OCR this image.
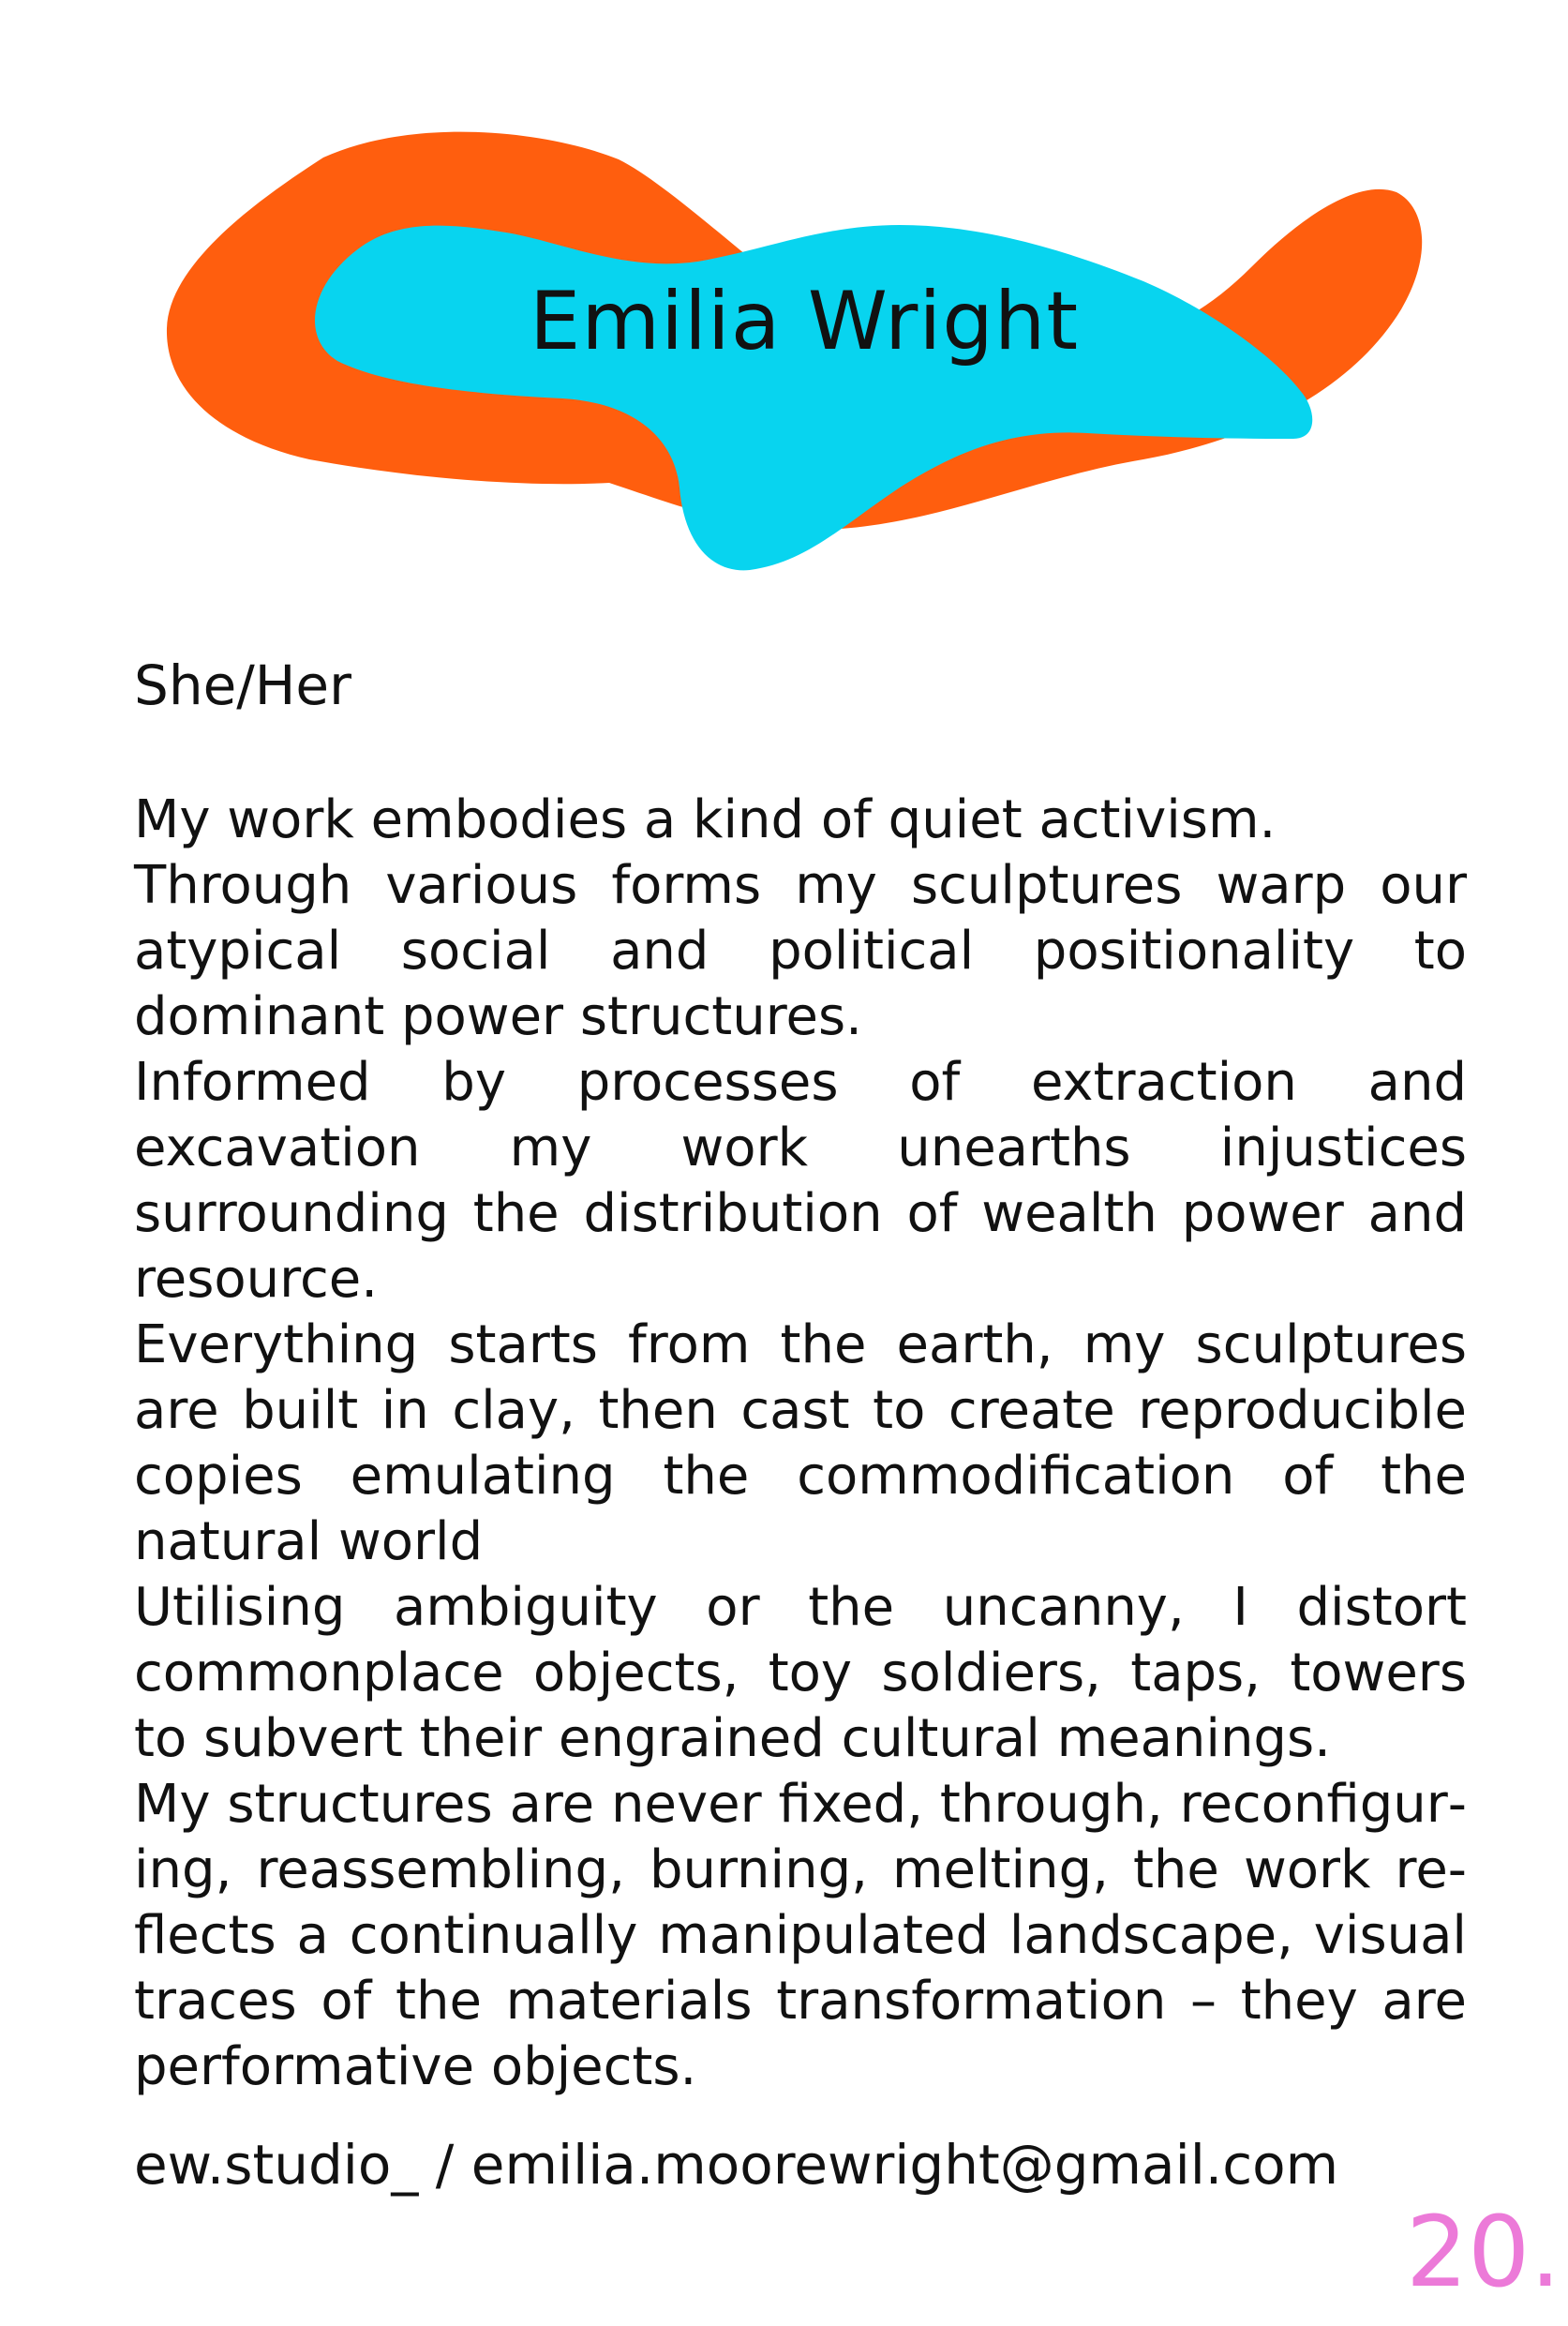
Emilia Wright
She/Her

My work embodies a kind of quiet activism.

Through various forms my sculptures warp our atypical social and political positionality to dominant power structures.

Informed by processes of extraction and excavation my work unearths injustices surrounding the distribution of wealth power and resource.

Everything starts from the earth, my sculptures are built in clay, then cast to create reproducible copies emulating the commodification of the natural world

Utilising ambiguity or the uncanny, I distort commonplace objects, toy soldiers, taps, towers to subvert their engrained cultural meanings.

My structures are never fixed, through, reconfiguring, reassembling, burning, melting, the work reflects a continually manipulated landscape, visual traces of the materials transformation – they are performative objects.

ew.studio_ / emilia.moorewright@gmail.com
20.
